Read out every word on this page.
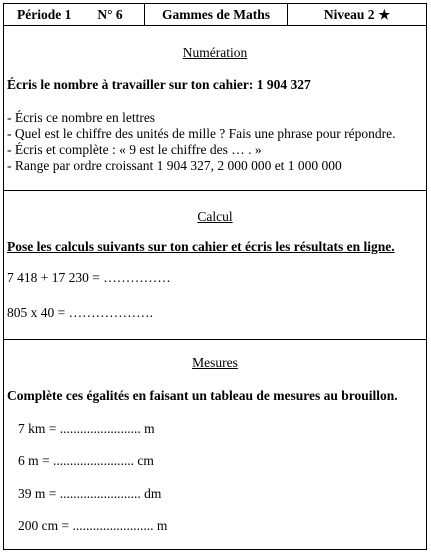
Période 1 N° 6	Gammes de Maths	Niveau 2 ★
Numération
Écris le nombre à travailler sur ton cahier: 1 904 327
- Écris ce nombre en lettres
- Quel est le chiffre des unités de mille ? Fais une phrase pour répondre.
- Écris et complète : « 9 est le chiffre des … . »
- Range par ordre croissant 1 904 327, 2 000 000 et 1 000 000
Calcul
Pose les calculs suivants sur ton cahier et écris les résultats en ligne.
7 418 + 17 230 = ……………
805 x 40 = ……………….
Mesures
Complète ces égalités en faisant un tableau de mesures au brouillon.
7 km = ........................ m
6 m = ........................ cm
39 m = ........................ dm
200 cm = ........................ m
